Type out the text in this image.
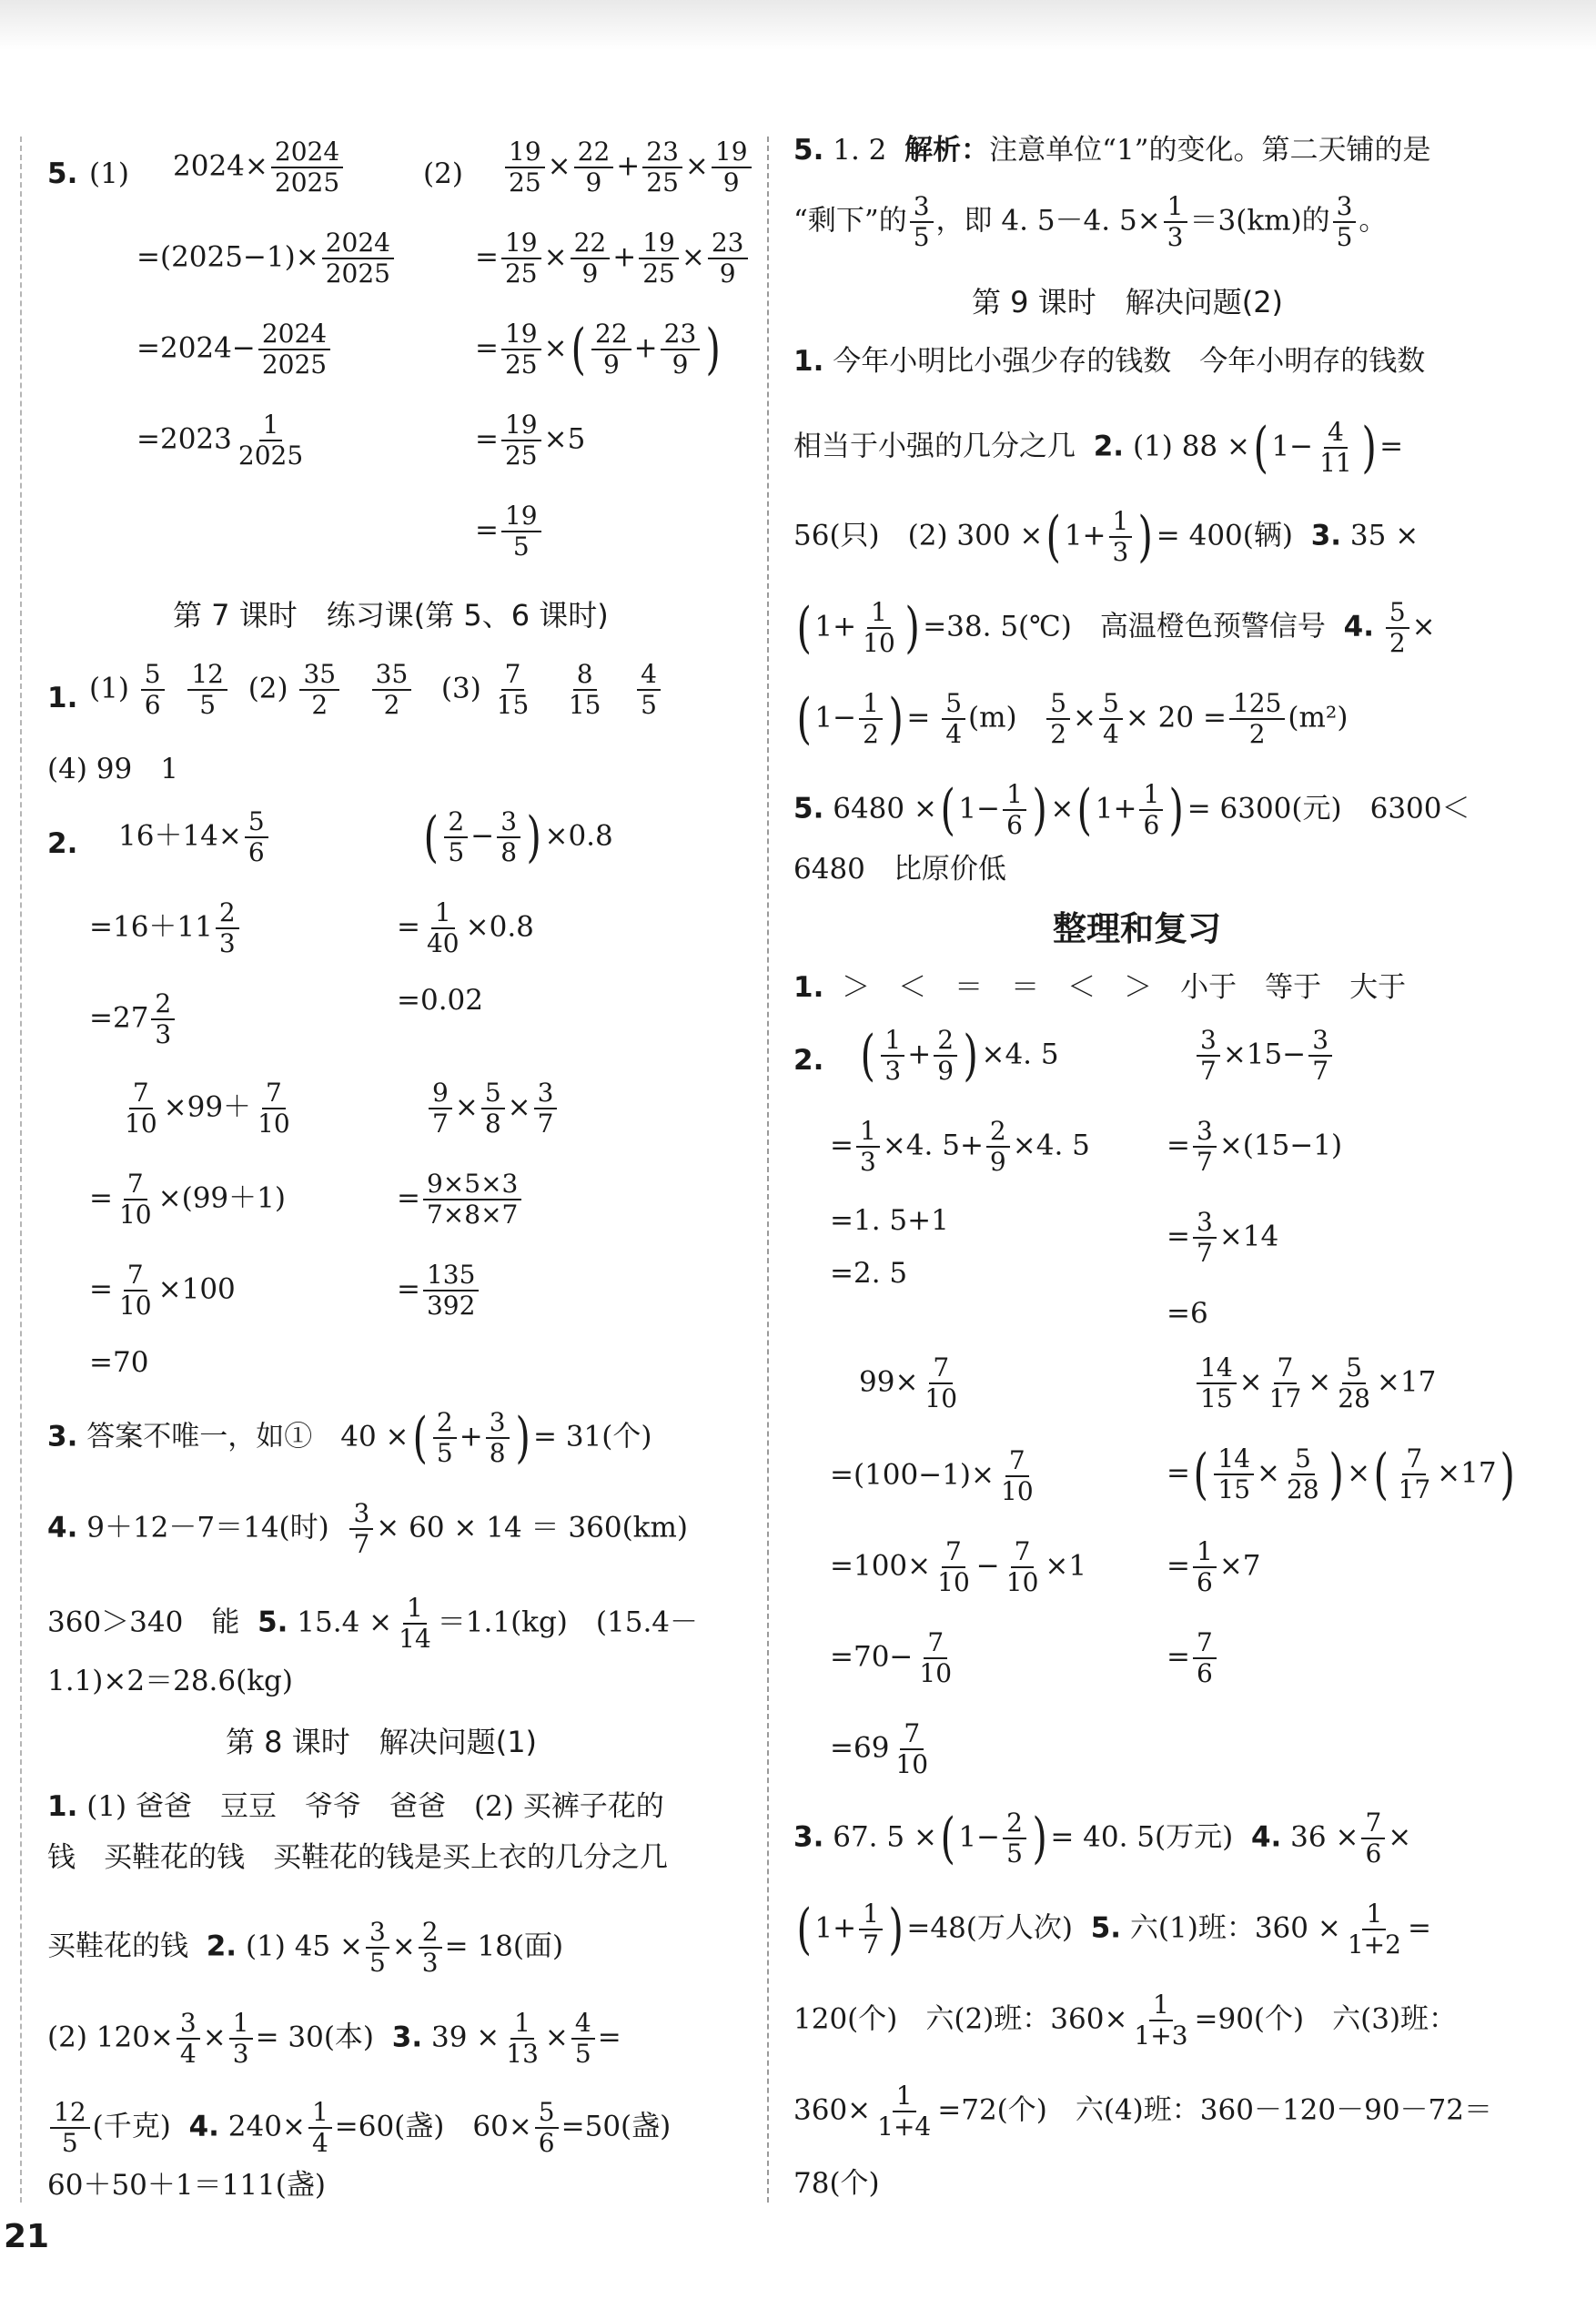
5. (1) $2024\times \frac{2024}{2025}$
$=(2025-1)\times \frac{2024}{2025}$
$=2024- \frac{2024}{2025}$
$=2023 \frac{1}{2025}$
$(2) \frac{19}{25} \times \frac{22}{9} + \frac{23}{25} \times \frac{19}{9}$
= $\frac{19}{25} \times \frac{22}{9} + \frac{19}{25} \times \frac{23}{9}$
= $\frac{19}{25}$ ×( $\frac{22}{9} + \frac{23}{9}$ )
= $\frac{19}{25} \times 5$
= $\frac{19}{5}$
第 7 课时　练习课(第 5、6 课时)
1. $(1) \frac{5}{6}$
$\frac{12}{5} (2) \frac{35}{2}$
$\frac{35}{2} (3) \frac{7}{15}$
$\frac{8}{15}$
$\frac{4}{5}$
(4) 99　1
2. $16+14\times \frac{5}{6}$
$=16+11 \frac{2}{3}$
$=27 \frac{2}{3}$
( $\frac{2}{5} - \frac{3}{8}$ ) ×0.8
= $\frac{1}{40} \times 0.8$
=0.02
$\frac{7}{10} \times 99+ \frac{7}{10}$
= $\frac{7}{10} \times(99+1)$
= $\frac{7}{10} \times 100$
=70
$\frac{9}{7} \times \frac{5}{8} \times \frac{3}{7}$
= $\frac{9\times 5\times 3}{7\times 8\times 7}$
= $\frac{135}{392}$
3. 答案不唯一，如①　40 ×( $\frac{2}{5} + \frac{3}{8}$ ) = 31(个)
4. 9＋12－7＝14(时) $\frac{3}{7} \times 60 \times 14 = 360(km)$
360＞340　能 5. $15.4 \times \frac{1}{14} =1.1(kg)$　(15.4－
1.1)×2＝28.6(kg)
第 8 课时　解决问题(1)
1. (1) 爸爸　豆豆　爷爷　爸爸　(2) 买裤子花的
钱　买鞋花的钱　买鞋花的钱是买上衣的几分之几
买鞋花的钱 2. (1) $45 \times \frac{3}{5} \times \frac{2}{3} = 18$(面)
(2) $120\times \frac{3}{4} \times \frac{1}{3} = 30$(本) 3. $39 \times \frac{1}{13} \times \frac{4}{5}$ =
$\frac{12}{5}$ (千克) 4. $240\times \frac{1}{4} =60$(盏)　$60\times \frac{5}{6} =50$(盏)
60＋50＋1＝111(盏)
5. 1. 2 解析：注意单位“1”的变化。第二天铺的是
“剩下”的 $\frac{3}{5}$ ，即 4. 5－4. $5\times \frac{1}{3} =3(km)$的 $\frac{3}{5}$ 。
第 9 课时　解决问题(2)
1. 今年小明比小强少存的钱数　今年小明存的钱数
相当于小强的几分之几 2. (1) 88 ×( $1- \frac{4}{11}$ ) =
56(只)　(2) 300 ×( $1+ \frac{1}{3}$ ) = 400(辆) 3. 35 ×
( $1+ \frac{1}{10}$ ) =38. 5(℃)　高温橙色预警信号 4. $\frac{5}{2}$ ×
( $1- \frac{1}{2}$ ) = $\frac{5}{4} (m) \frac{5}{2} \times \frac{5}{4} \times 20 = \frac{125}{2} (m^2)$
5. 6480 ×( $1- \frac{1}{6}$ ) ×( $1+ \frac{1}{6}$ ) = 6300(元)　6300＜
6480　比原价低
整理和复习
1. ＞　＜　＝　＝　＜　＞　小于　等于　大于
2. ( $\frac{1}{3} + \frac{2}{9}$ ) ×4. 5
= $\frac{1}{3} \times 4$. $5+ \frac{2}{9} \times 4$. 5
=1. 5+1
=2. 5
$\frac{3}{7} \times 15- \frac{3}{7}$
= $\frac{3}{7} \times(15-1)$
= $\frac{3}{7} \times 14$
=6
$99\times \frac{7}{10}$
$=(100-1)\times \frac{7}{10}$
$=100\times \frac{7}{10} - \frac{7}{10} \times 1$
$=70- \frac{7}{10}$
$=69 \frac{7}{10}$
$\frac{14}{15} \times \frac{7}{17} \times \frac{5}{28} \times 17$
=( $\frac{14}{15} \times \frac{5}{28}$ ) ×( $\frac{7}{17} \times 17$)
= $\frac{1}{6} \times 7$
= $\frac{7}{6}$
3. 67. 5 ×( $1- \frac{2}{5}$ ) = 40. 5(万元) 4. $36 \times \frac{7}{6}$ ×
( $1+ \frac{1}{7}$ ) =48(万人次) 5. 六(1)班：$360 \times \frac{1}{1+2}$ =
120(个)　六(2)班：$360\times \frac{1}{1+3} =90$(个)　六(3)班：
$360\times \frac{1}{1+4} =72$(个)　六(4)班：360－120－90－72＝
78(个)
21
